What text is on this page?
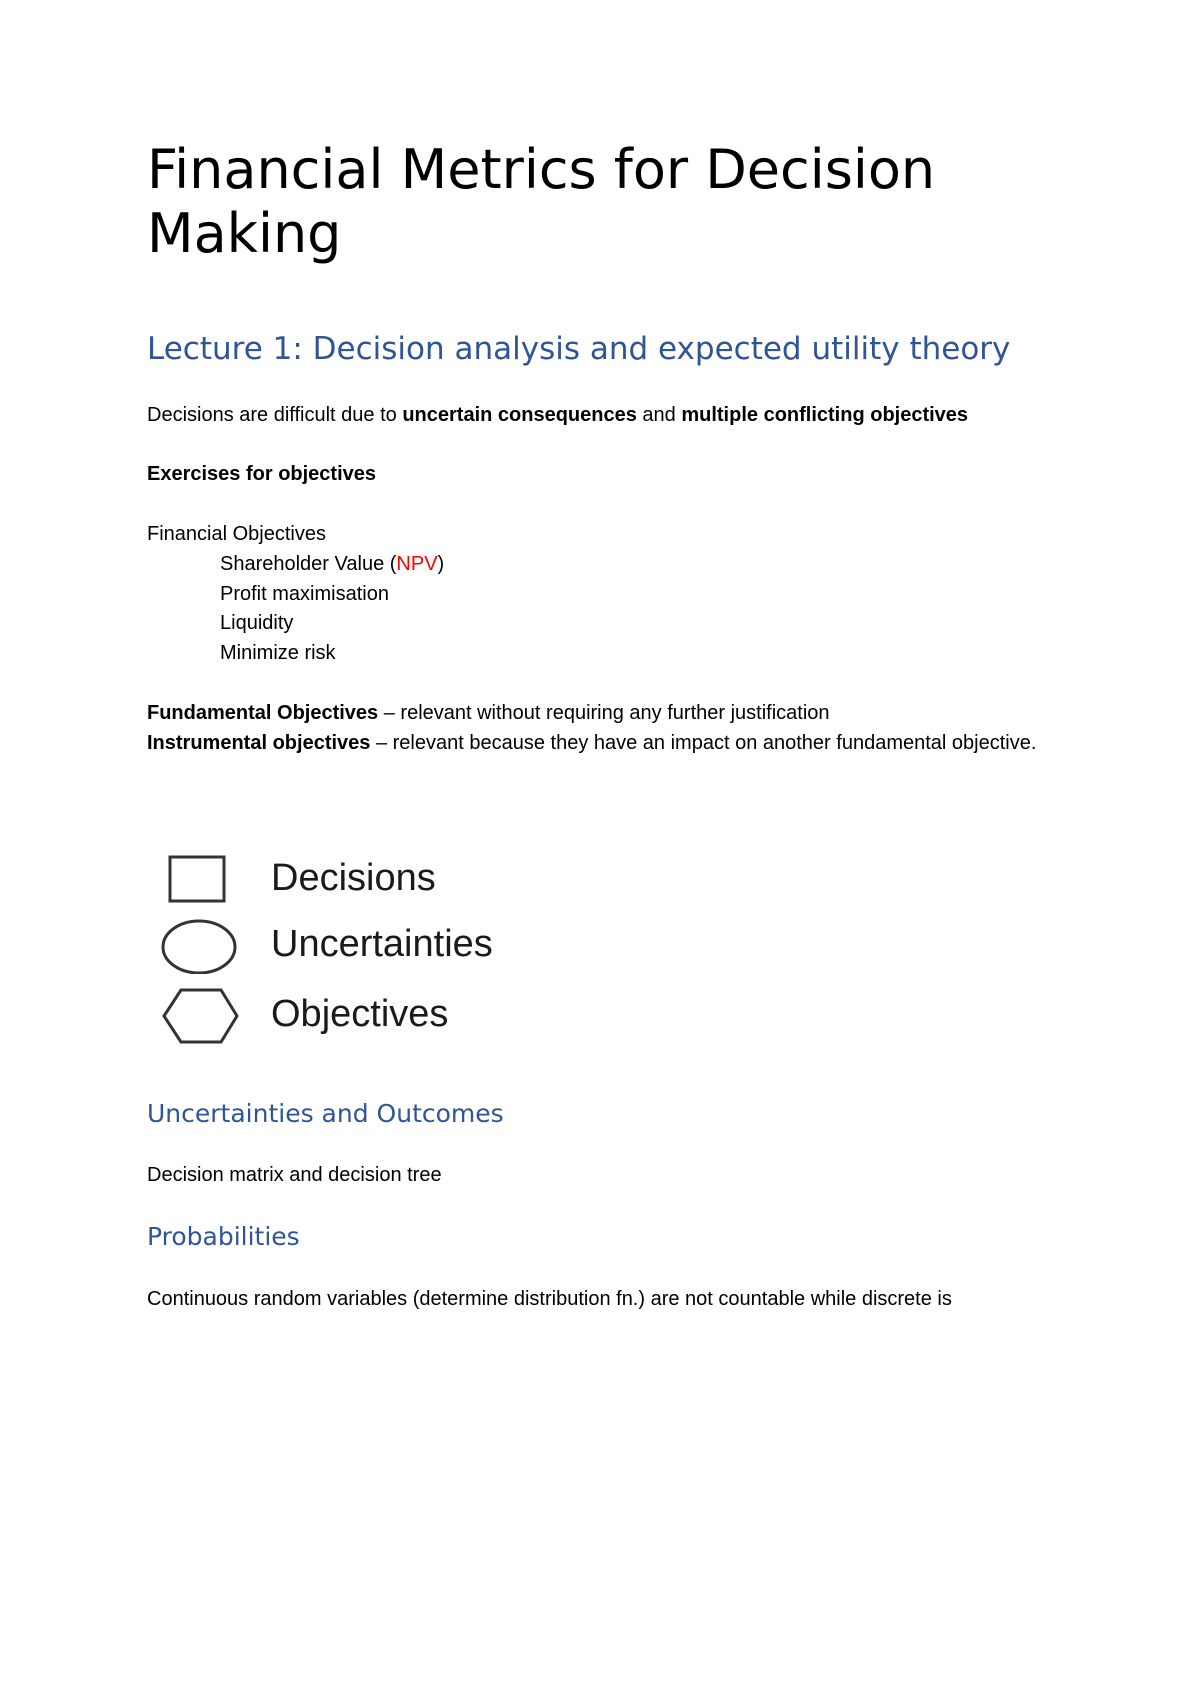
Financial Metrics for Decision Making
Lecture 1: Decision analysis and expected utility theory

Decisions are difficult due to uncertain consequences and multiple conflicting objectives

Exercises for objectives

Financial Objectives

Shareholder Value (NPV)

Profit maximisation

Liquidity

Minimize risk

Fundamental Objectives – relevant without requiring any further justification

Instrumental objectives – relevant because they have an impact on another fundamental objective.

Decisions
Uncertainties
Objectives
Uncertainties and Outcomes

Decision matrix and decision tree

Probabilities

Continuous random variables (determine distribution fn.) are not countable while discrete is
